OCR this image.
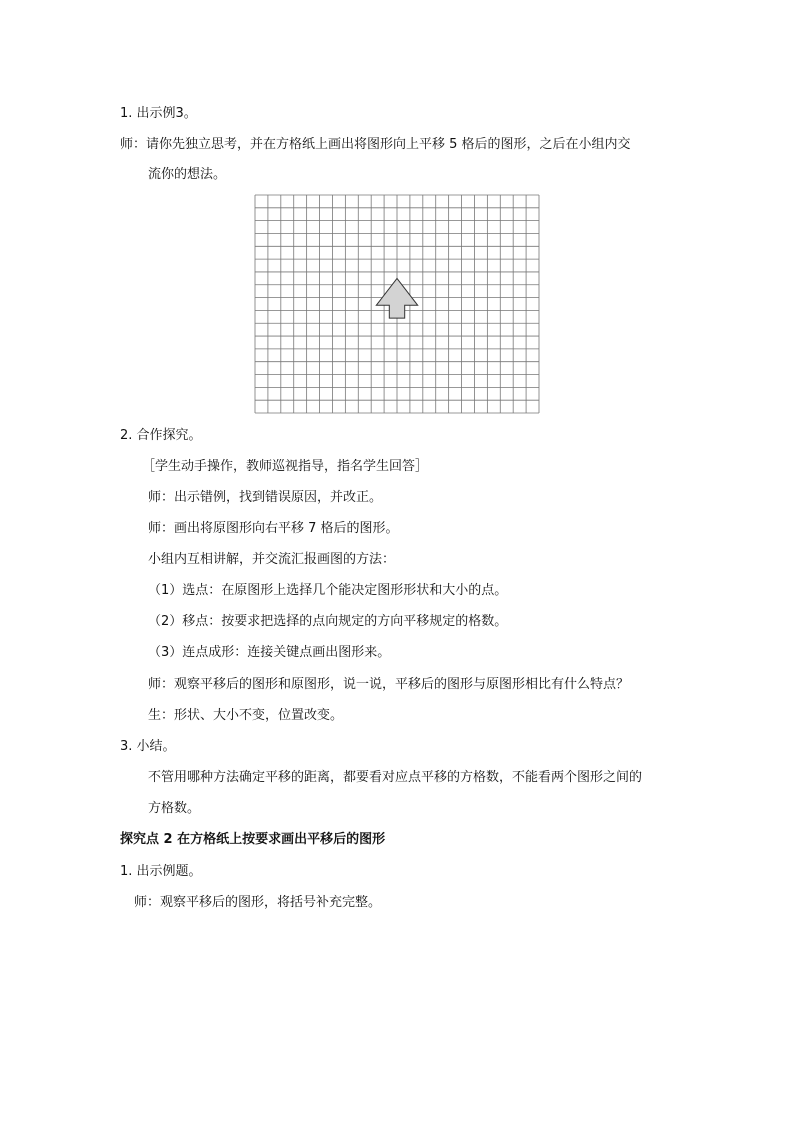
1. 出示例3。
师：请你先独立思考，并在方格纸上画出将图形向上平移 5 格后的图形，之后在小组内交
流你的想法。
2. 合作探究。
［学生动手操作，教师巡视指导，指名学生回答］
师：出示错例，找到错误原因，并改正。
师：画出将原图形向右平移 7 格后的图形。
小组内互相讲解，并交流汇报画图的方法：
（1）选点：在原图形上选择几个能决定图形形状和大小的点。
（2）移点：按要求把选择的点向规定的方向平移规定的格数。
（3）连点成形：连接关键点画出图形来。
师：观察平移后的图形和原图形，说一说，平移后的图形与原图形相比有什么特点？
生：形状、大小不变，位置改变。
3. 小结。
不管用哪种方法确定平移的距离，都要看对应点平移的方格数，不能看两个图形之间的
方格数。
探究点 2 在方格纸上按要求画出平移后的图形
1. 出示例题。
师：观察平移后的图形，将括号补充完整。
